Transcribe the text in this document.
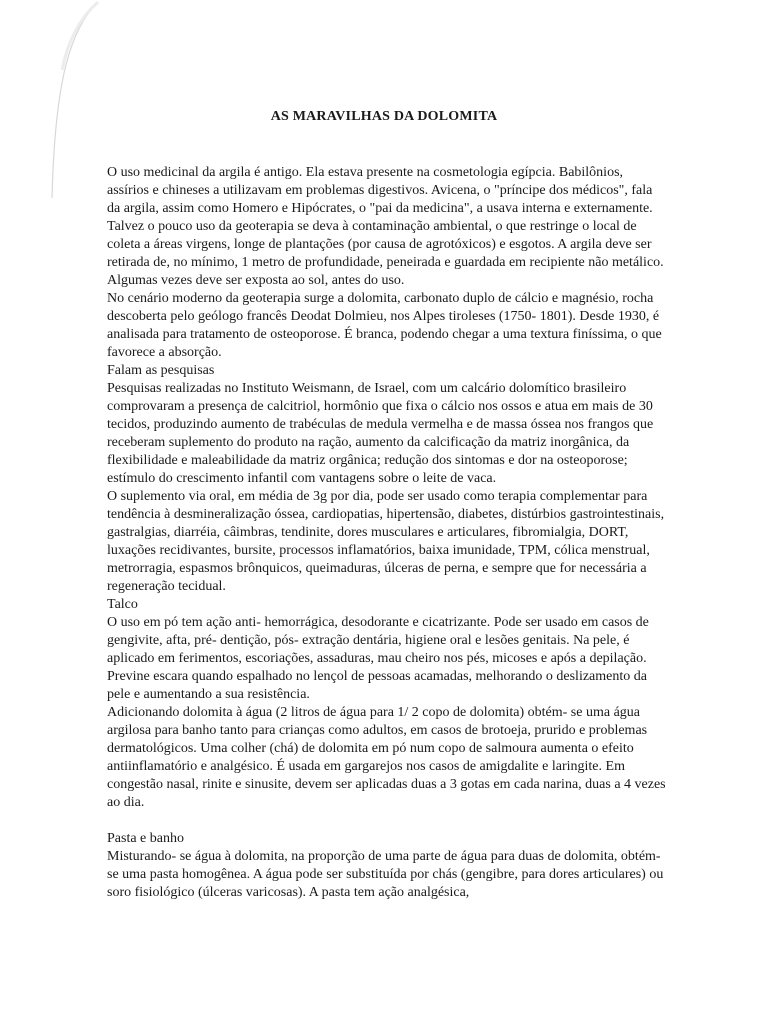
AS MARAVILHAS DA DOLOMITA

O uso medicinal da argila é antigo. Ela estava presente na cosmetologia egípcia. Babilônios, assírios e chineses a utilizavam em problemas digestivos. Avicena, o "príncipe dos médicos", fala da argila, assim como Homero e Hipócrates, o "pai da medicina", a usava interna e externamente.

Talvez o pouco uso da geoterapia se deva à contaminação ambiental, o que restringe o local de coleta a áreas virgens, longe de plantações (por causa de agrotóxicos) e esgotos. A argila deve ser retirada de, no mínimo, 1 metro de profundidade, peneirada e guardada em recipiente não metálico. Algumas vezes deve ser exposta ao sol, antes do uso.

No cenário moderno da geoterapia surge a dolomita, carbonato duplo de cálcio e magnésio, rocha descoberta pelo geólogo francês Deodat Dolmieu, nos Alpes tiroleses (1750- 1801). Desde 1930, é analisada para tratamento de osteoporose. É branca, podendo chegar a uma textura finíssima, o que favorece a absorção.

Falam as pesquisas

Pesquisas realizadas no Instituto Weismann, de Israel, com um calcário dolomítico brasileiro comprovaram a presença de calcitriol, hormônio que fixa o cálcio nos ossos e atua em mais de 30 tecidos, produzindo aumento de trabéculas de medula vermelha e de massa óssea nos frangos que receberam suplemento do produto na ração, aumento da calcificação da matriz inorgânica, da flexibilidade e maleabilidade da matriz orgânica; redução dos sintomas e dor na osteoporose; estímulo do crescimento infantil com vantagens sobre o leite de vaca.

O suplemento via oral, em média de 3g por dia, pode ser usado como terapia complementar para tendência à desmineralização óssea, cardiopatias, hipertensão, diabetes, distúrbios gastrointestinais, gastralgias, diarréia, câimbras, tendinite, dores musculares e articulares, fibromialgia, DORT, luxações recidivantes, bursite, processos inflamatórios, baixa imunidade, TPM, cólica menstrual, metrorragia, espasmos brônquicos, queimaduras, úlceras de perna, e sempre que for necessária a regeneração tecidual.

Talco

O uso em pó tem ação anti- hemorrágica, desodorante e cicatrizante. Pode ser usado em casos de gengivite, afta, pré- dentição, pós- extração dentária, higiene oral e lesões genitais. Na pele, é aplicado em ferimentos, escoriações, assaduras, mau cheiro nos pés, micoses e após a depilação. Previne escara quando espalhado no lençol de pessoas acamadas, melhorando o deslizamento da pele e aumentando a sua resistência.

Adicionando dolomita à água (2 litros de água para 1/ 2 copo de dolomita) obtém- se uma água argilosa para banho tanto para crianças como adultos, em casos de brotoeja, prurido e problemas dermatológicos. Uma colher (chá) de dolomita em pó num copo de salmoura aumenta o efeito antiinflamatório e analgésico. É usada em gargarejos nos casos de amigdalite e laringite. Em congestão nasal, rinite e sinusite, devem ser aplicadas duas a 3 gotas em cada narina, duas a 4 vezes ao dia.

Pasta e banho

Misturando- se água à dolomita, na proporção de uma parte de água para duas de dolomita, obtém- se uma pasta homogênea. A água pode ser substituída por chás (gengibre, para dores articulares) ou soro fisiológico (úlceras varicosas). A pasta tem ação analgésica,
